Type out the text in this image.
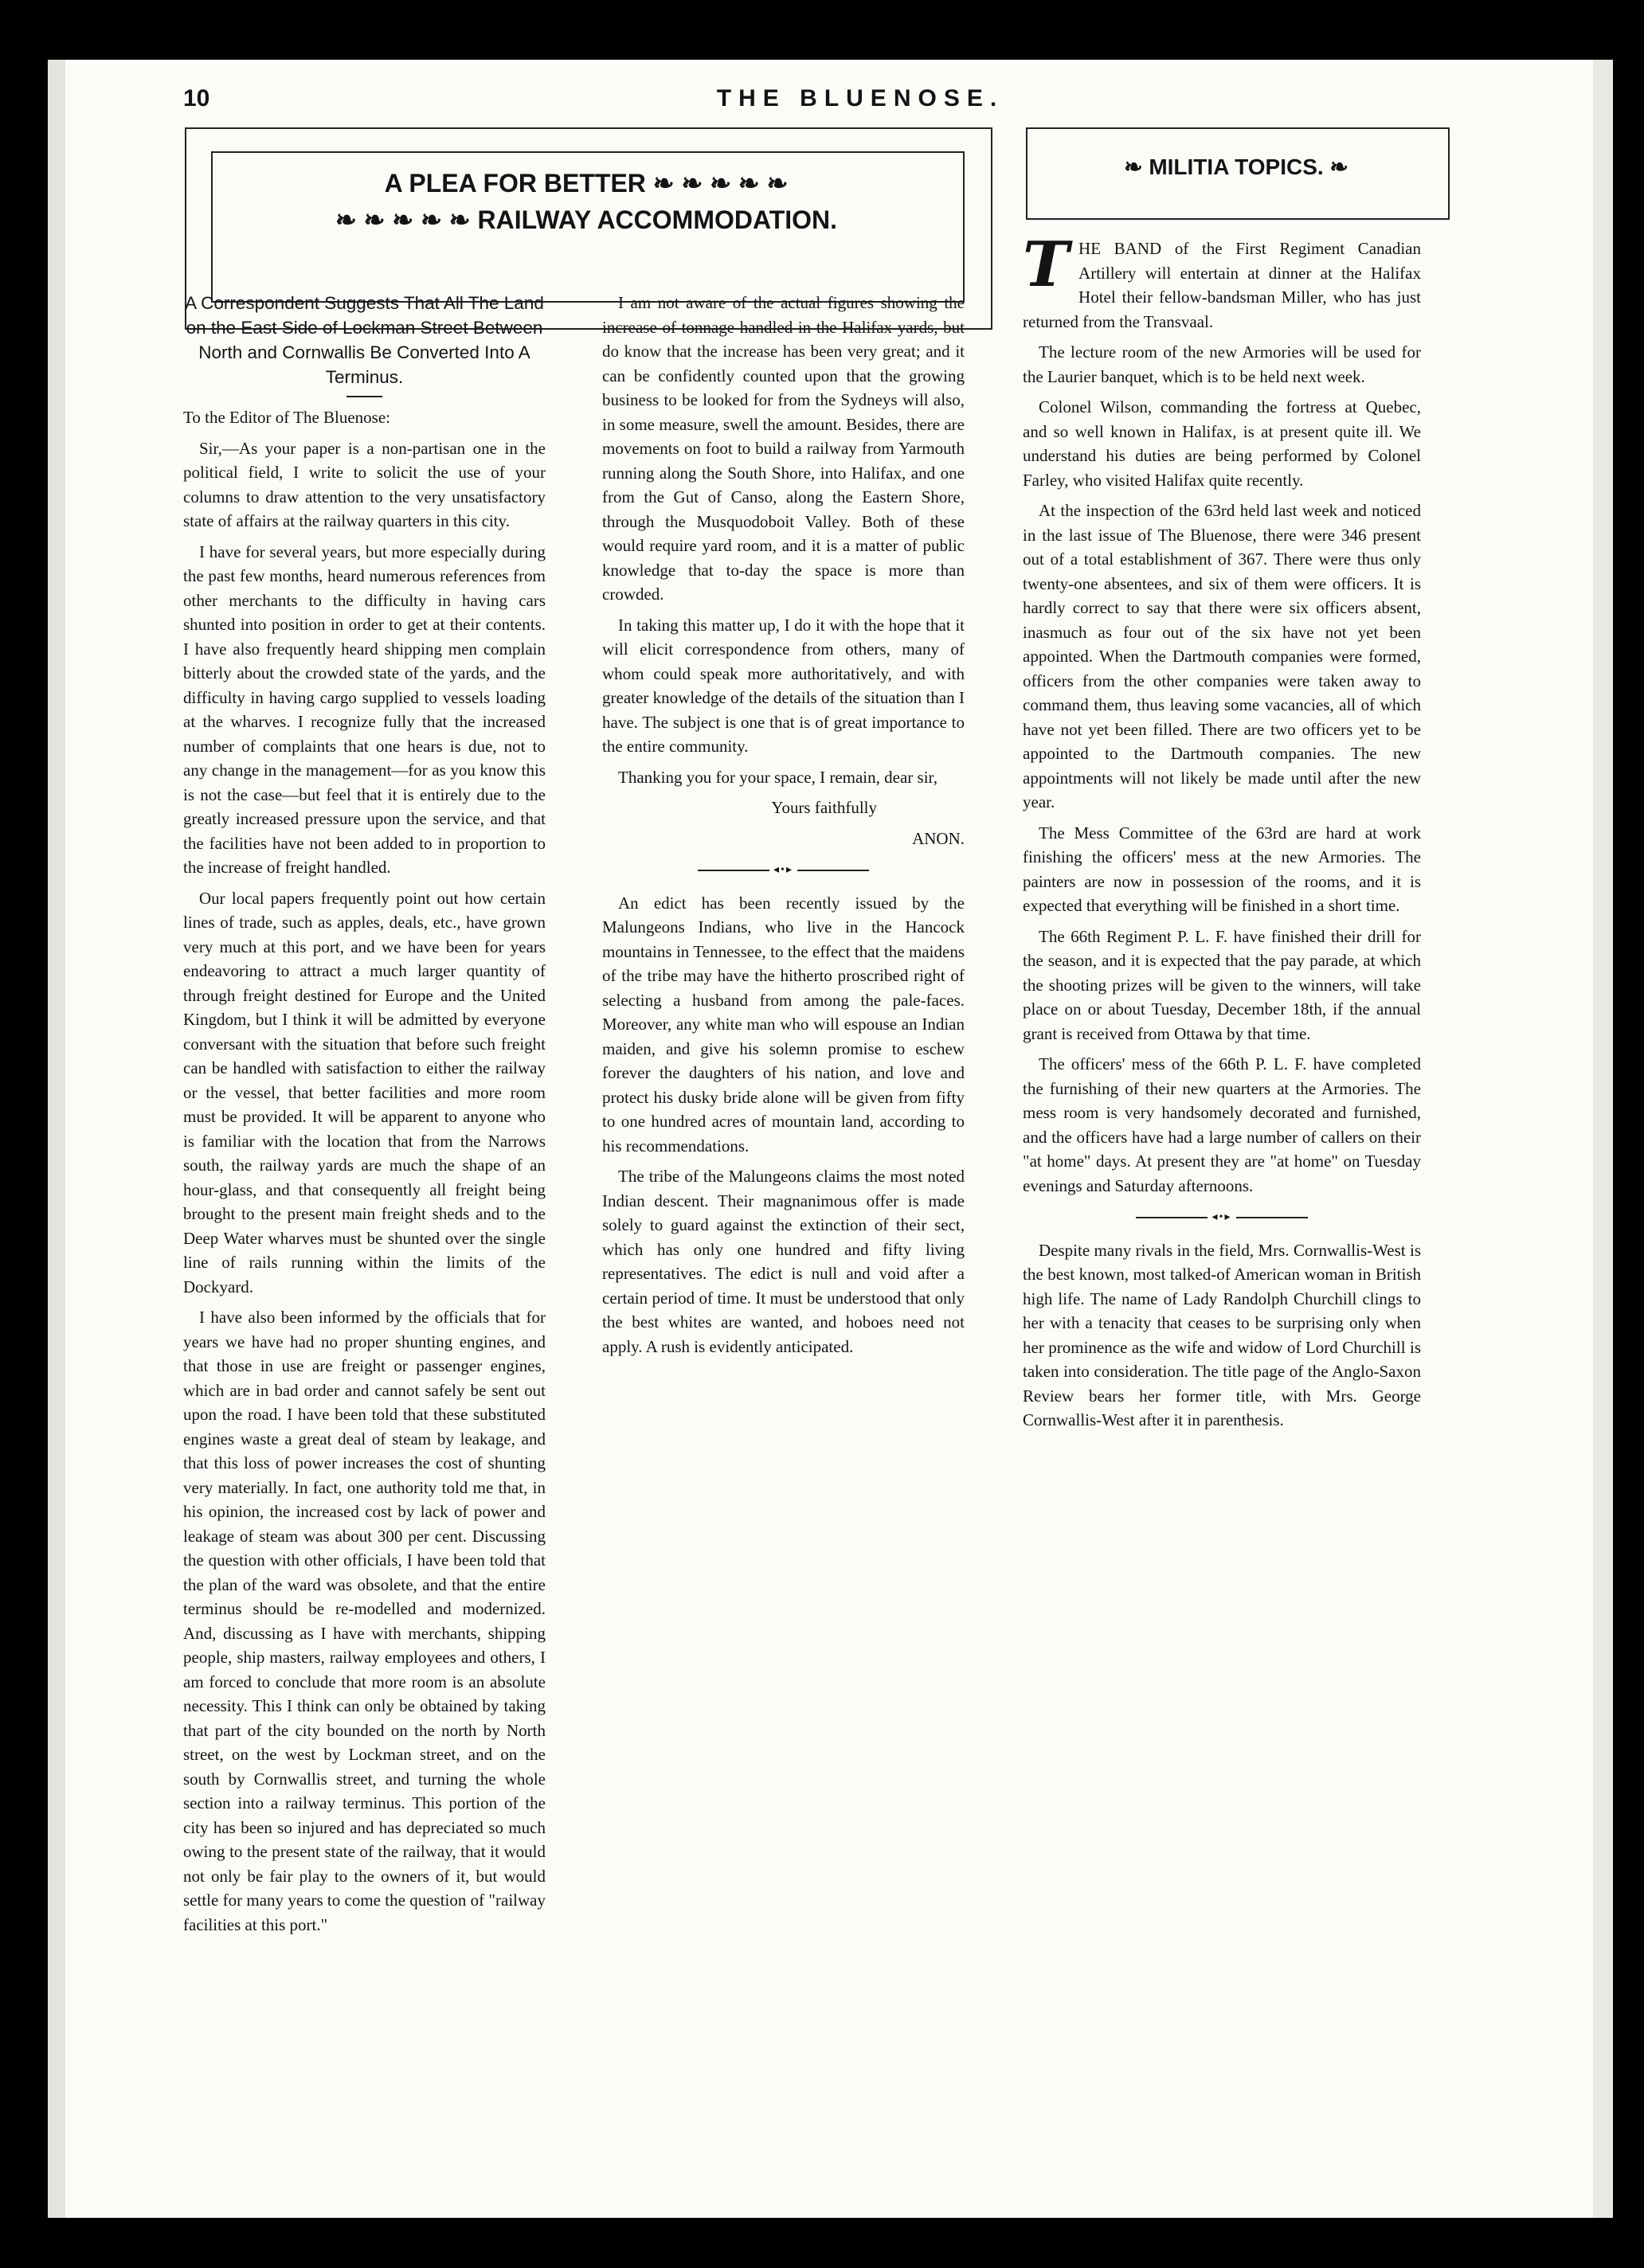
10	THE BLUENOSE.
A PLEA FOR BETTER ❧ ❧ ❧ ❧ ❧
❧ ❧ ❧ ❧ ❧ RAILWAY ACCOMMODATION.
❧ MILITIA TOPICS. ❧
A Correspondent Suggests That All The Land on the East Side of Lockman Street Between North and Cornwallis Be Converted Into A Terminus.

To the Editor of The Bluenose:

Sir,—As your paper is a non-partisan one in the political field, I write to solicit the use of your columns to draw attention to the very unsatisfactory state of affairs at the railway quarters in this city.

I have for several years, but more especially during the past few months, heard numerous references from other merchants to the difficulty in having cars shunted into position in order to get at their contents. I have also frequently heard shipping men complain bitterly about the crowded state of the yards, and the difficulty in having cargo supplied to vessels loading at the wharves. I recognize fully that the increased number of complaints that one hears is due, not to any change in the management—for as you know this is not the case—but feel that it is entirely due to the greatly increased pressure upon the service, and that the facilities have not been added to in proportion to the increase of freight handled.

Our local papers frequently point out how certain lines of trade, such as apples, deals, etc., have grown very much at this port, and we have been for years endeavoring to attract a much larger quantity of through freight destined for Europe and the United Kingdom, but I think it will be admitted by everyone conversant with the situation that before such freight can be handled with satisfaction to either the railway or the vessel, that better facilities and more room must be provided. It will be apparent to anyone who is familiar with the location that from the Narrows south, the railway yards are much the shape of an hour-glass, and that consequently all freight being brought to the present main freight sheds and to the Deep Water wharves must be shunted over the single line of rails running within the limits of the Dockyard.

I have also been informed by the officials that for years we have had no proper shunting engines, and that those in use are freight or passenger engines, which are in bad order and cannot safely be sent out upon the road. I have been told that these substituted engines waste a great deal of steam by leakage, and that this loss of power increases the cost of shunting very materially. In fact, one authority told me that, in his opinion, the increased cost by lack of power and leakage of steam was about 300 per cent. Discussing the question with other officials, I have been told that the plan of the ward was obsolete, and that the entire terminus should be re-modelled and modernized. And, discussing as I have with merchants, shipping people, ship masters, railway employees and others, I am forced to conclude that more room is an absolute necessity. This I think can only be obtained by taking that part of the city bounded on the north by North street, on the west by Lockman street, and on the south by Cornwallis street, and turning the whole section into a railway terminus. This portion of the city has been so injured and has depreciated so much owing to the present state of the railway, that it would not only be fair play to the owners of it, but would settle for many years to come the question of "railway facilities at this port."

I am not aware of the actual figures showing the increase of tonnage handled in the Halifax yards, but do know that the increase has been very great; and it can be confidently counted upon that the growing business to be looked for from the Sydneys will also, in some measure, swell the amount. Besides, there are movements on foot to build a railway from Yarmouth running along the South Shore, into Halifax, and one from the Gut of Canso, along the Eastern Shore, through the Musquodoboit Valley. Both of these would require yard room, and it is a matter of public knowledge that to-day the space is more than crowded.

In taking this matter up, I do it with the hope that it will elicit correspondence from others, many of whom could speak more authoritatively, and with greater knowledge of the details of the situation than I have. The subject is one that is of great importance to the entire community.

Thanking you for your space, I remain, dear sir,

Yours faithfully

ANON.

◂•▸

An edict has been recently issued by the Malungeons Indians, who live in the Hancock mountains in Tennessee, to the effect that the maidens of the tribe may have the hitherto proscribed right of selecting a husband from among the pale-faces. Moreover, any white man who will espouse an Indian maiden, and give his solemn promise to eschew forever the daughters of his nation, and love and protect his dusky bride alone will be given from fifty to one hundred acres of mountain land, according to his recommendations.

The tribe of the Malungeons claims the most noted Indian descent. Their magnanimous offer is made solely to guard against the extinction of their sect, which has only one hundred and fifty living representatives. The edict is null and void after a certain period of time. It must be understood that only the best whites are wanted, and hoboes need not apply. A rush is evidently anticipated.

THE BAND of the First Regiment Canadian Artillery will entertain at dinner at the Halifax Hotel their fellow-bandsman Miller, who has just returned from the Transvaal.

The lecture room of the new Armories will be used for the Laurier banquet, which is to be held next week.

Colonel Wilson, commanding the fortress at Quebec, and so well known in Halifax, is at present quite ill. We understand his duties are being performed by Colonel Farley, who visited Halifax quite recently.

At the inspection of the 63rd held last week and noticed in the last issue of The Bluenose, there were 346 present out of a total establishment of 367. There were thus only twenty-one absentees, and six of them were officers. It is hardly correct to say that there were six officers absent, inasmuch as four out of the six have not yet been appointed. When the Dartmouth companies were formed, officers from the other companies were taken away to command them, thus leaving some vacancies, all of which have not yet been filled. There are two officers yet to be appointed to the Dartmouth companies. The new appointments will not likely be made until after the new year.

The Mess Committee of the 63rd are hard at work finishing the officers' mess at the new Armories. The painters are now in possession of the rooms, and it is expected that everything will be finished in a short time.

The 66th Regiment P. L. F. have finished their drill for the season, and it is expected that the pay parade, at which the shooting prizes will be given to the winners, will take place on or about Tuesday, December 18th, if the annual grant is received from Ottawa by that time.

The officers' mess of the 66th P. L. F. have completed the furnishing of their new quarters at the Armories. The mess room is very handsomely decorated and furnished, and the officers have had a large number of callers on their "at home" days. At present they are "at home" on Tuesday evenings and Saturday afternoons.

◂•▸

Despite many rivals in the field, Mrs. Cornwallis-West is the best known, most talked-of American woman in British high life. The name of Lady Randolph Churchill clings to her with a tenacity that ceases to be surprising only when her prominence as the wife and widow of Lord Churchill is taken into consideration. The title page of the Anglo-Saxon Review bears her former title, with Mrs. George Cornwallis-West after it in parenthesis.
